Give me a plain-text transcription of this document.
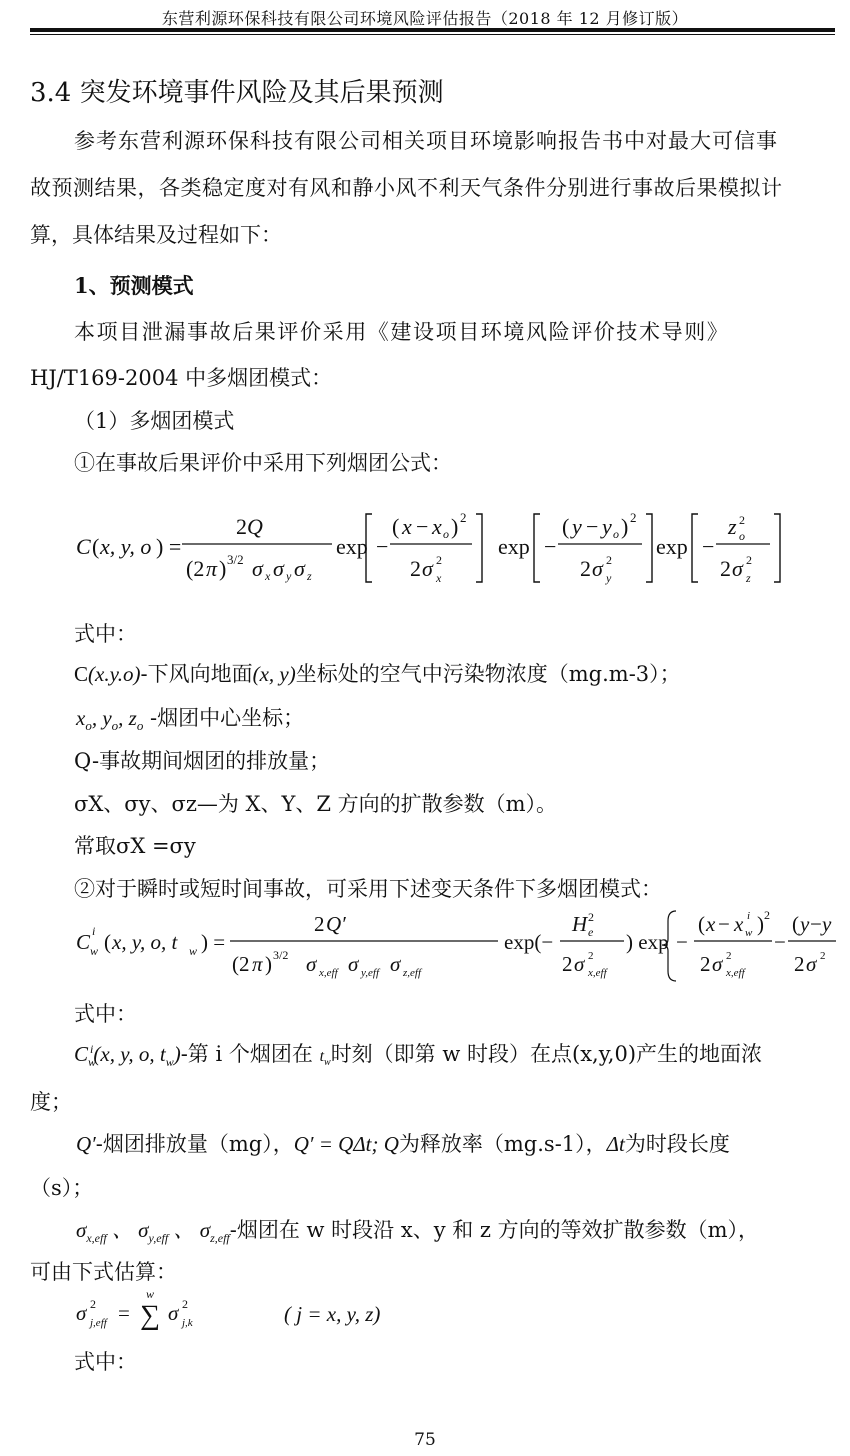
东营利源环保科技有限公司环境风险评估报告（2018 年 12 月修订版）
3.4 突发环境事件风险及其后果预测
参考东营利源环保科技有限公司相关项目环境影响报告书中对最大可信事
故预测结果，各类稳定度对有风和静小风不利天气条件分别进行事故后果模拟计
算，具体结果及过程如下：
1、预测模式
本项目泄漏事故后果评价采用《建设项目环境风险评价技术导则》
HJ/T169-2004 中多烟团模式：
（1）多烟团模式
①在事故后果评价中采用下列烟团公式：
C ( x, y, o ) =
2 Q
(2 π ) 3/2 σ x σ y σ z
exp −
( x − x o ) 2
2 σ 2
x
exp −
( y − y o ) 2
2 σ 2
y
exp −
z o
2
2 σ 2
z
式中：
C(x.y.o)-下风向地面(x, y)坐标处的空气中污染物浓度（mg.m-3）；
$x_o$, $y_o$, $z_o$ -烟团中心坐标；
Q-事故期间烟团的排放量；
σX、σy、σz—为 X、Y、Z 方向的扩散参数（m）。
常取σX =σy
②对于瞬时或短时间事故，可采用下述变天条件下多烟团模式：
C w
i ( x, y, o, t w ) =
2 Q′
(2 π ) 3/2 σ x,eff σ y,eff σ z,eff
exp(−
H 2
e
2 σ 2
x,eff
) exp −
( x − x w
i ) 2
2 σ 2
x,eff
−
( y − y
2 σ 2
式中：
$C_w^i(x$, y, o, $t_w)-$第 i 个烟团在 $t_w$时刻（即第 w 时段）在点(x,y,0)产生的地面浓
度；
Q′-烟团排放量（mg），Q′ = QΔt; Q为释放率（mg.s-1），Δt为时段长度
（s）；
$\sigma_{x,eff}$ 、 $\sigma_{y,eff}$ 、 $\sigma_{z,eff}-$烟团在 w 时段沿 x、y 和 z 方向的等效扩散参数（m），
可由下式估算：
σ 2
j,eff = ∑
w
σ 2
j,k	( j = x, y, z)
式中：
75
